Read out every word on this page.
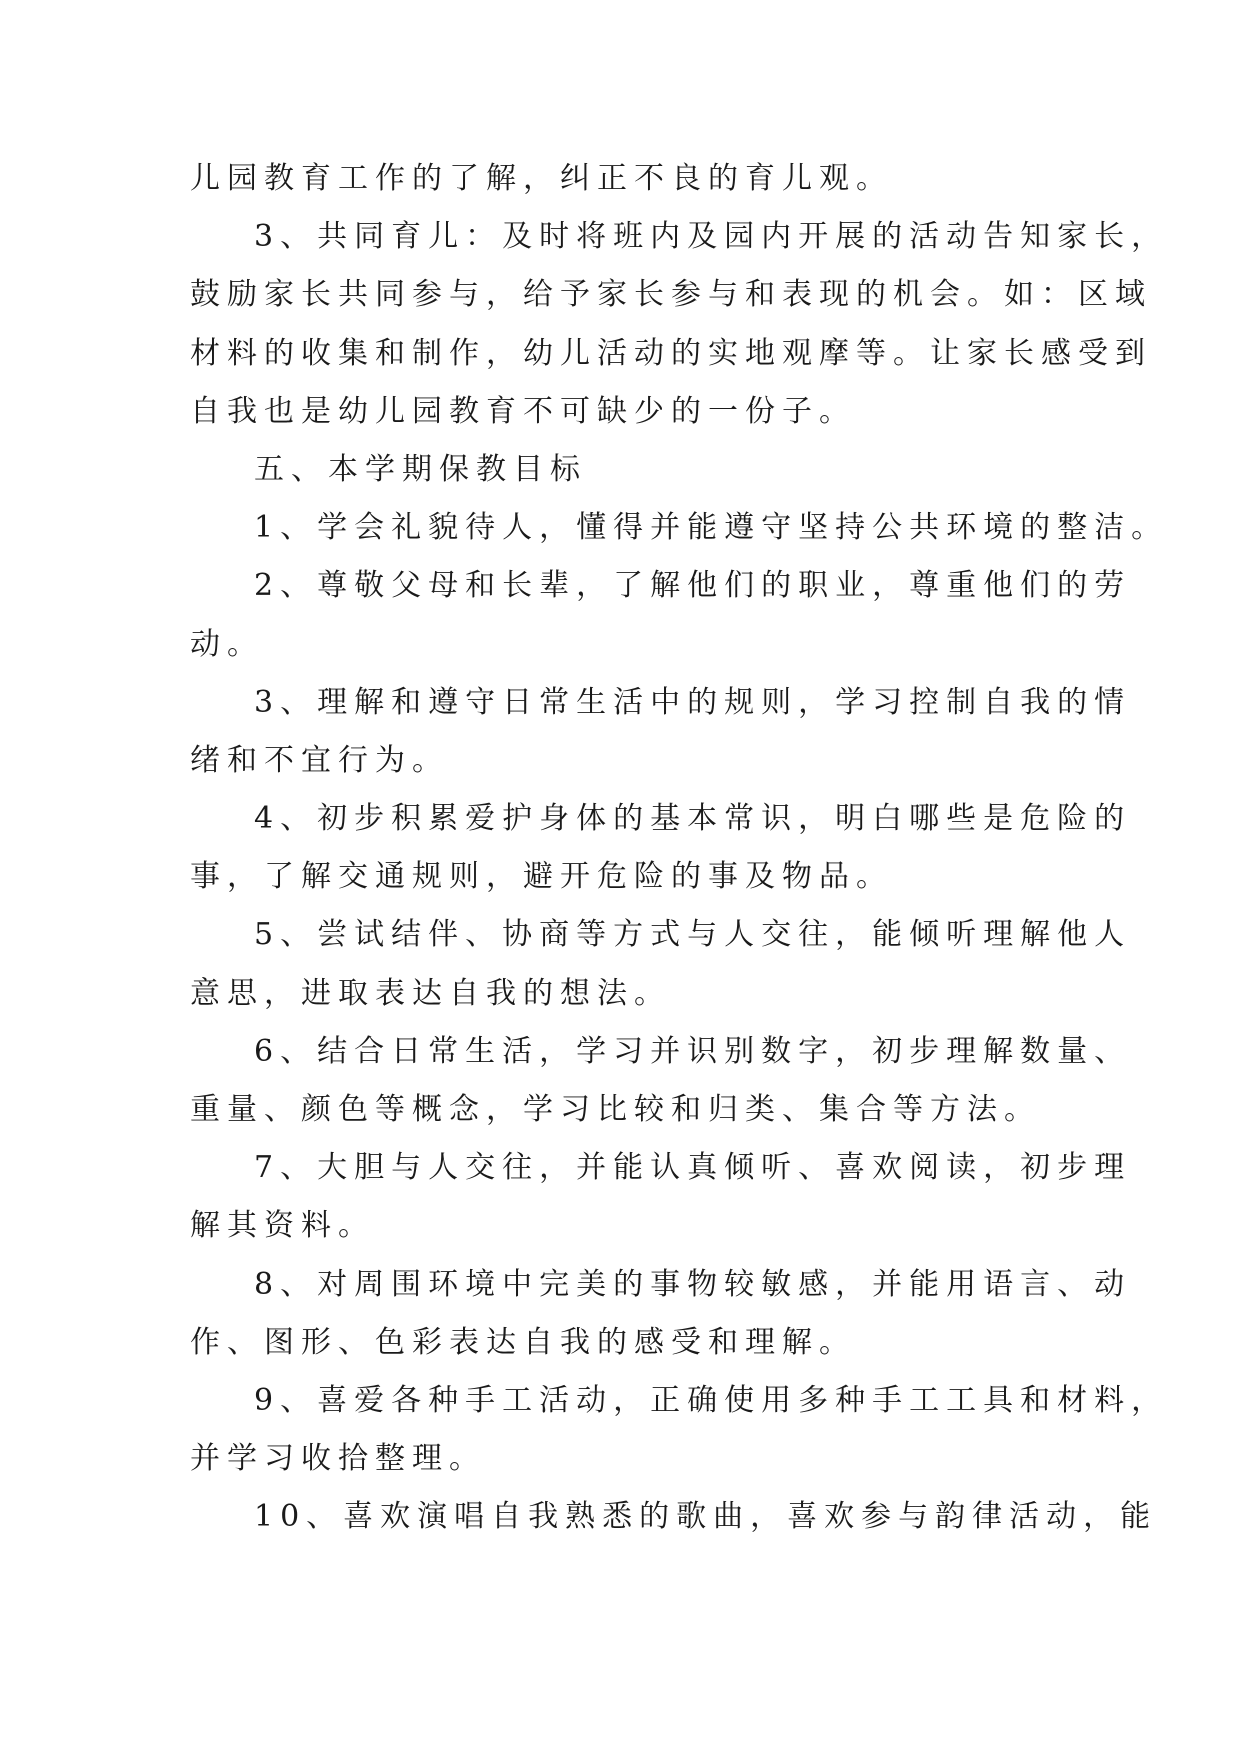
儿园教育工作的了解，纠正不良的育儿观。
3、共同育儿：及时将班内及园内开展的活动告知家长，
鼓励家长共同参与，给予家长参与和表现的机会。如：区域
材料的收集和制作，幼儿活动的实地观摩等。让家长感受到
自我也是幼儿园教育不可缺少的一份子。
五、本学期保教目标
1、学会礼貌待人，懂得并能遵守坚持公共环境的整洁。
2、尊敬父母和长辈，了解他们的职业，尊重他们的劳
动。
3、理解和遵守日常生活中的规则，学习控制自我的情
绪和不宜行为。
4、初步积累爱护身体的基本常识，明白哪些是危险的
事，了解交通规则，避开危险的事及物品。
5、尝试结伴、协商等方式与人交往，能倾听理解他人
意思，进取表达自我的想法。
6、结合日常生活，学习并识别数字，初步理解数量、
重量、颜色等概念，学习比较和归类、集合等方法。
7、大胆与人交往，并能认真倾听、喜欢阅读，初步理
解其资料。
8、对周围环境中完美的事物较敏感，并能用语言、动
作、图形、色彩表达自我的感受和理解。
9、喜爱各种手工活动，正确使用多种手工工具和材料，
并学习收拾整理。
10、喜欢演唱自我熟悉的歌曲，喜欢参与韵律活动，能
